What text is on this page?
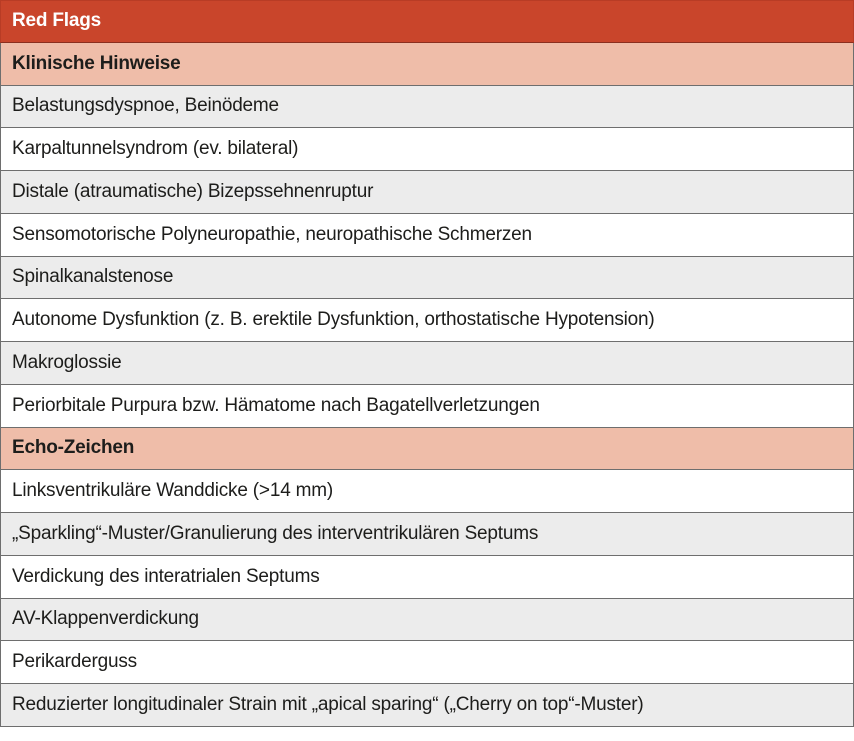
Red Flags
Klinische Hinweise
Belastungsdyspnoe, Beinödeme
Karpaltunnelsyndrom (ev. bilateral)
Distale (atraumatische) Bizepssehnenruptur
Sensomotorische Polyneuropathie, neuropathische Schmerzen
Spinalkanalstenose
Autonome Dysfunktion (z. B. erektile Dysfunktion, orthostatische Hypotension)
Makroglossie
Periorbitale Purpura bzw. Hämatome nach Bagatellverletzungen
Echo-Zeichen
Linksventrikuläre Wanddicke (>14 mm)
„Sparkling“-Muster/Granulierung des interventrikulären Septums
Verdickung des interatrialen Septums
AV-Klappenverdickung
Perikarderguss
Reduzierter longitudinaler Strain mit „apical sparing“ („Cherry on top“-Muster)
